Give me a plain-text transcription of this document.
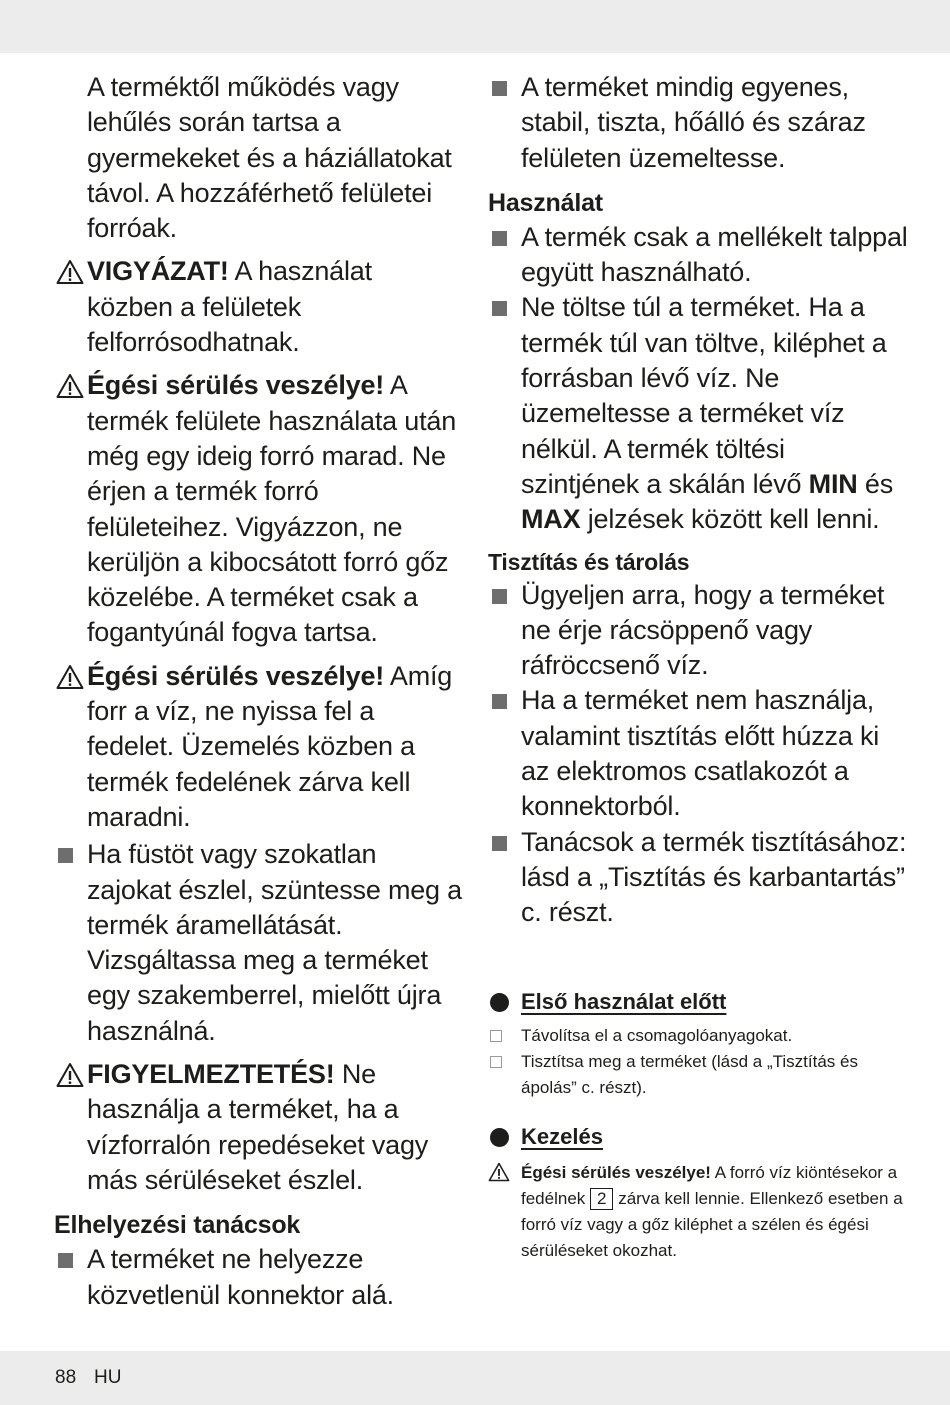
A terméktől működés vagy lehűlés során tartsa a gyermekeket és a háziállatokat távol. A hozzáférhető felületei forróak.

VIGYÁZAT! A használat közben a felületek felforrósodhatnak.

Égési sérülés veszélye! A termék felülete használata után még egy ideig forró marad. Ne érjen a termék forró felületeihez. Vigyázzon, ne kerüljön a kibocsátott forró gőz közelébe. A terméket csak a fogantyúnál fogva tartsa.

Égési sérülés veszélye! Amíg forr a víz, ne nyissa fel a fedelet. Üzemelés közben a termék fedelének zárva kell maradni.

Ha füstöt vagy szokatlan zajokat észlel, szüntesse meg a termék áramellátását. Vizsgáltassa meg a terméket egy szakemberrel, mielőtt újra használná.

FIGYELMEZTETÉS! Ne használja a terméket, ha a vízforralón repedéseket vagy más sérüléseket észlel.

Elhelyezési tanácsok

A terméket ne helyezze közvetlenül konnektor alá.

A terméket mindig egyenes, stabil, tiszta, hőálló és száraz felületen üzemeltesse.

Használat

A termék csak a mellékelt talppal együtt használható.

Ne töltse túl a terméket. Ha a termék túl van töltve, kiléphet a forrásban lévő víz. Ne üzemeltesse a terméket víz nélkül. A termék töltési szintjének a skálán lévő MIN és MAX jelzések között kell lenni.

Tisztítás és tárolás

Ügyeljen arra, hogy a terméket ne érje rácsöppenő vagy ráfröccsenő víz.

Ha a terméket nem használja, valamint tisztítás előtt húzza ki az elektromos csatlakozót a konnektorból.

Tanácsok a termék tisztításához: lásd a „Tisztítás és karbantartás” c. részt.

Első használat előtt
Távolítsa el a csomagolóanyagokat.
Tisztítsa meg a terméket (lásd a „Tisztítás és ápolás” c. részt).
Kezelés
Égési sérülés veszélye! A forró víz kiöntésekor a fedélnek 2 zárva kell lennie. Ellenkező esetben a forró víz vagy a gőz kiléphet a szélen és égési sérüléseket okozhat.
88 HU
